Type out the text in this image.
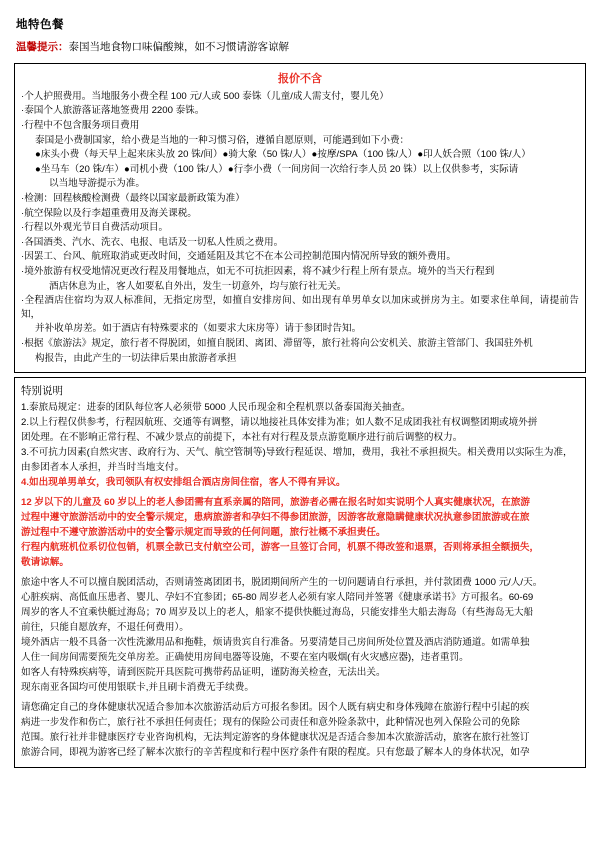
地特色餐
温馨提示：泰国当地食物口味偏酸辣，如不习惯请游客谅解
报价不含

·个人护照费用。当地服务小费全程 100 元/人或 500 泰铢（儿童/成人需支付，婴儿免）

·泰国个人旅游落证落地签费用 2200 泰铢。

·行程中不包含服务项目费用

泰国是小费制国家，给小费是当地的一种习惯习俗，遵循自愿原则，可能遇到如下小费：

●床头小费（每天早上起来床头放 20 铢/间）●骑大象（50 铢/人）●按摩/SPA（100 铢/人）●印人妖合照（100 铢/人）

●坐马车（20 铢/车）●司机小费（100 铢/人）●行李小费（一间房间一次给行李人员 20 铢）以上仅供参考，实际请

以当地导游提示为准。

·检测：回程核酸检测费（最终以国家最新政策为准）

·航空保险以及行李超重费用及海关课税。

·行程以外观光节目自费活动项目。

·各国酒类、汽水、洗衣、电报、电话及一切私人性质之费用。

·因罢工、台风、航班取消或更改时间，交通延阻及其它不在本公司控制范围内情况所导致的额外费用。

·境外旅游有权受地情况更改行程及用餐地点，如无不可抗拒因素，将不减少行程上所有景点。境外的当天行程到

酒店休息为止，客人如要私自外出，发生一切意外，均与旅行社无关。

·全程酒店住宿均为双人标准间，无指定房型，如擅自安排房间、如出现有单男单女以加床或拼房为主。如要求住单间，请提前告知，

并补收单房差。如于酒店有特殊要求的（如要求大床房等）请于参团时告知。

·根据《旅游法》规定，旅行者不得脱团，如擅自脱团、离团、滞留等，旅行社将向公安机关、旅游主管部门、我国驻外机

构报告，由此产生的一切法律后果由旅游者承担

特别说明

1.泰旅局规定：进泰的团队每位客人必须带 5000 人民币现金和全程机票以备泰国海关抽查。

2.以上行程仅供参考，行程因航班、交通等有调整，请以地接社具体安排为准；如人数不足成团我社有权调整团期或境外拼

团处理。在不影响正常行程、不减少景点的前提下，本社有对行程及景点游览顺序进行前后调整的权力。

3.不可抗力因素(自然灾害、政府行为、天气、航空管制等)导致行程延误、增加，费用，我社不承担损失。相关费用以实际生为准，

由参团者本人承担，并当时当地支付。

4.如出现单男单女，我司领队有权安排组合酒店房间住宿，客人不得有异议。

12 岁以下的儿童及 60 岁以上的老人参团需有直系亲属的陪同，旅游者必需在报名时如实说明个人真实健康状况，在旅游

过程中遵守旅游活动中的安全警示规定，患病旅游者和孕妇不得参团旅游，因游客故意隐瞒健康状况执意参团旅游或在旅

游过程中不遵守旅游活动中的安全警示规定而导致的任何问题，旅行社概不承担责任。

行程内航班机位系切位包销，机票全款已支付航空公司，游客一旦签订合同，机票不得改签和退票，否则将承担全额损失，

敬请谅解。

旅途中客人不可以擅自脱团活动，否则请签离团团书，脱团期间所产生的一切问题请自行承担，并付款团费 1000 元/人/天。

心脏疾病、高低血压患者、婴儿、孕妇不宜参团；65-80 周岁老人必须有家人陪同并签署《健康承诺书》方可报名。60-69

周岁的客人不宜乘快艇过海岛；70 周岁及以上的老人，船家不提供快艇过海岛，只能安排坐大船去海岛（有些海岛无大船

前往，只能自愿放弃，不退任何费用）。

境外酒店一般不具备一次性洗漱用品和拖鞋，烦请贵宾自行准备。另要清楚目己房间所处位置及酒店消防通道。如需单独

人住一间房间需要预先交单房差。正确使用房间电器等设施，不要在室内吸烟(有火灾感应器)，违者重罚。

如客人有特殊疾病等，请到医院开具医院可携带药品证明，谨防海关检查，无法出关。

现东南亚各国均可使用银联卡,并且刷卡消费无手续费。

请您确定自己的身体健康状况适合参加本次旅游活动后方可报名参团。因个人既有病史和身体残障在旅游行程中引起的疾

病进一步发作和伤亡，旅行社不承担任何责任；现有的保险公司责任和意外险条款中，此种情况也列入保险公司的免除

范围。旅行社并非健康医疗专业咨询机构，无法判定游客的身体健康状况是否适合参加本次旅游活动，旅客在旅行社签订

旅游合同，即视为游客已经了解本次旅行的辛苦程度和行程中医疗条件有限的程度。只有您最了解本人的身体状况，如孕
